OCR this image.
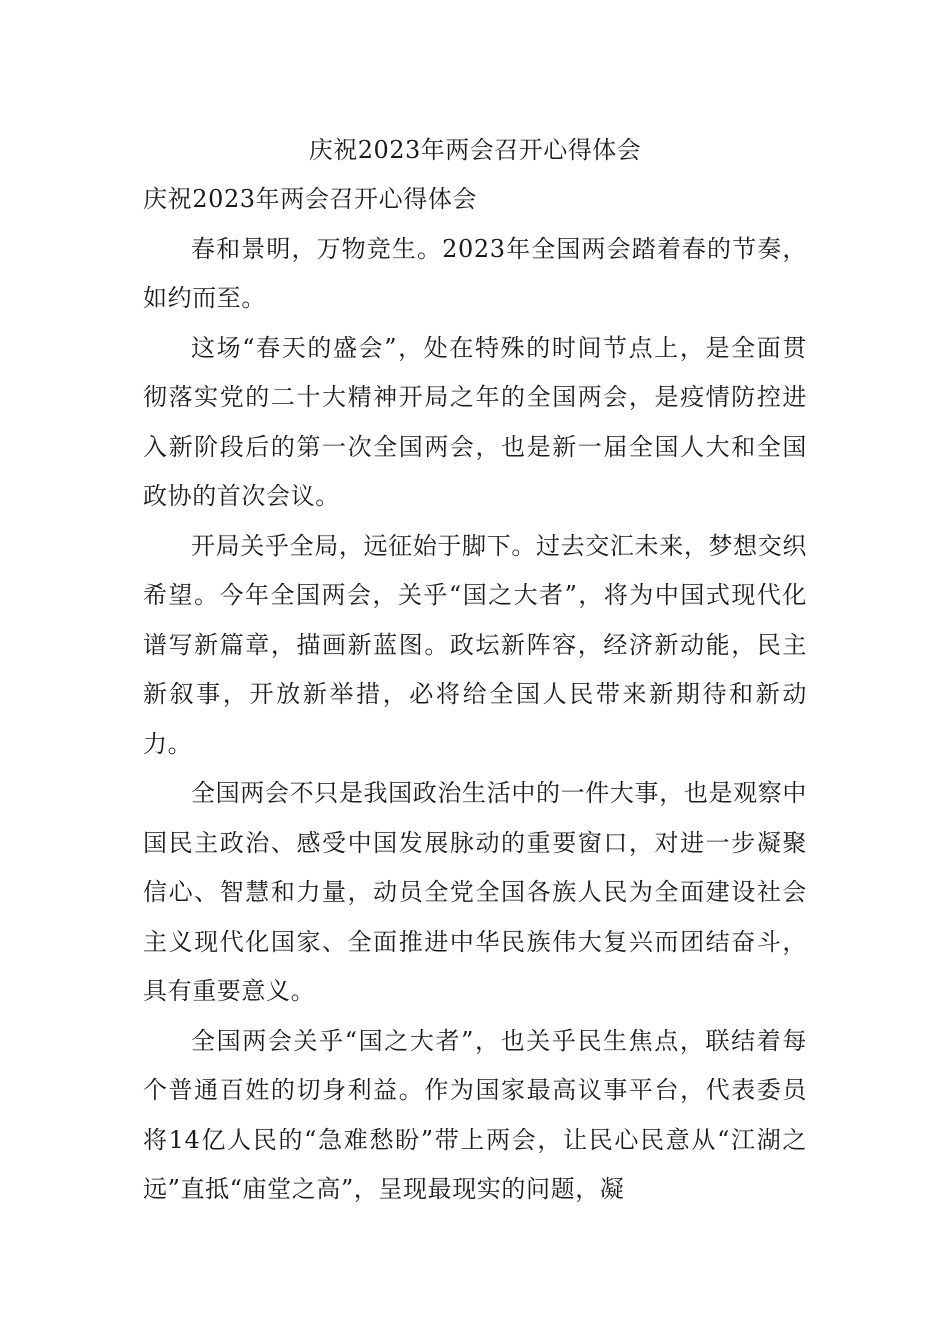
庆祝2023年两会召开心得体会

庆祝2023年两会召开心得体会

春和景明，万物竞生。2023年全国两会踏着春的节奏，如约而至。

这场“春天的盛会”，处在特殊的时间节点上，是全面贯彻落实党的二十大精神开局之年的全国两会，是疫情防控进入新阶段后的第一次全国两会，也是新一届全国人大和全国政协的首次会议。

开局关乎全局，远征始于脚下。过去交汇未来，梦想交织希望。今年全国两会，关乎“国之大者”，将为中国式现代化谱写新篇章，描画新蓝图。政坛新阵容，经济新动能，民主新叙事，开放新举措，必将给全国人民带来新期待和新动力。

全国两会不只是我国政治生活中的一件大事，也是观察中国民主政治、感受中国发展脉动的重要窗口，对进一步凝聚信心、智慧和力量，动员全党全国各族人民为全面建设社会主义现代化国家、全面推进中华民族伟大复兴而团结奋斗，具有重要意义。

全国两会关乎“国之大者”，也关乎民生焦点，联结着每个普通百姓的切身利益。作为国家最高议事平台，代表委员将14亿人民的“急难愁盼”带上两会，让民心民意从“江湖之远”直抵“庙堂之高”，呈现最现实的问题，凝
